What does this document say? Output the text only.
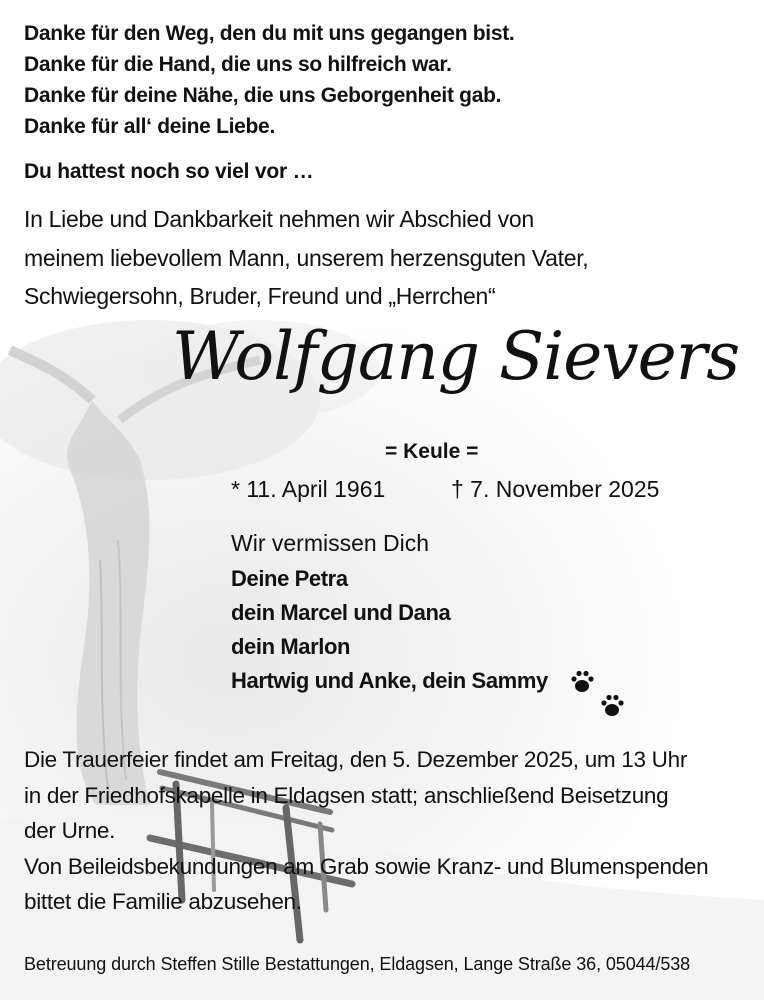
Danke für den Weg, den du mit uns gegangen bist.
Danke für die Hand, die uns so hilfreich war.
Danke für deine Nähe, die uns Geborgenheit gab.
Danke für all‘ deine Liebe.
Du hattest noch so viel vor …
In Liebe und Dankbarkeit nehmen wir Abschied von
meinem liebevollem Mann, unserem herzensguten Vater,
Schwiegersohn, Bruder, Freund und „Herrchen“
Wolfgang Sievers
= Keule =
* 11. April 1961	† 7. November 2025
Wir vermissen Dich
Deine Petra
dein Marcel und Dana
dein Marlon
Hartwig und Anke, dein Sammy
Die Trauerfeier findet am Freitag, den 5. Dezember 2025, um 13 Uhr
in der Friedhofskapelle in Eldagsen statt; anschließend Beisetzung
der Urne.
Von Beileidsbekundungen am Grab sowie Kranz- und Blumenspenden
bittet die Familie abzusehen.
Betreuung durch Steffen Stille Bestattungen, Eldagsen, Lange Straße 36, 05044/538
